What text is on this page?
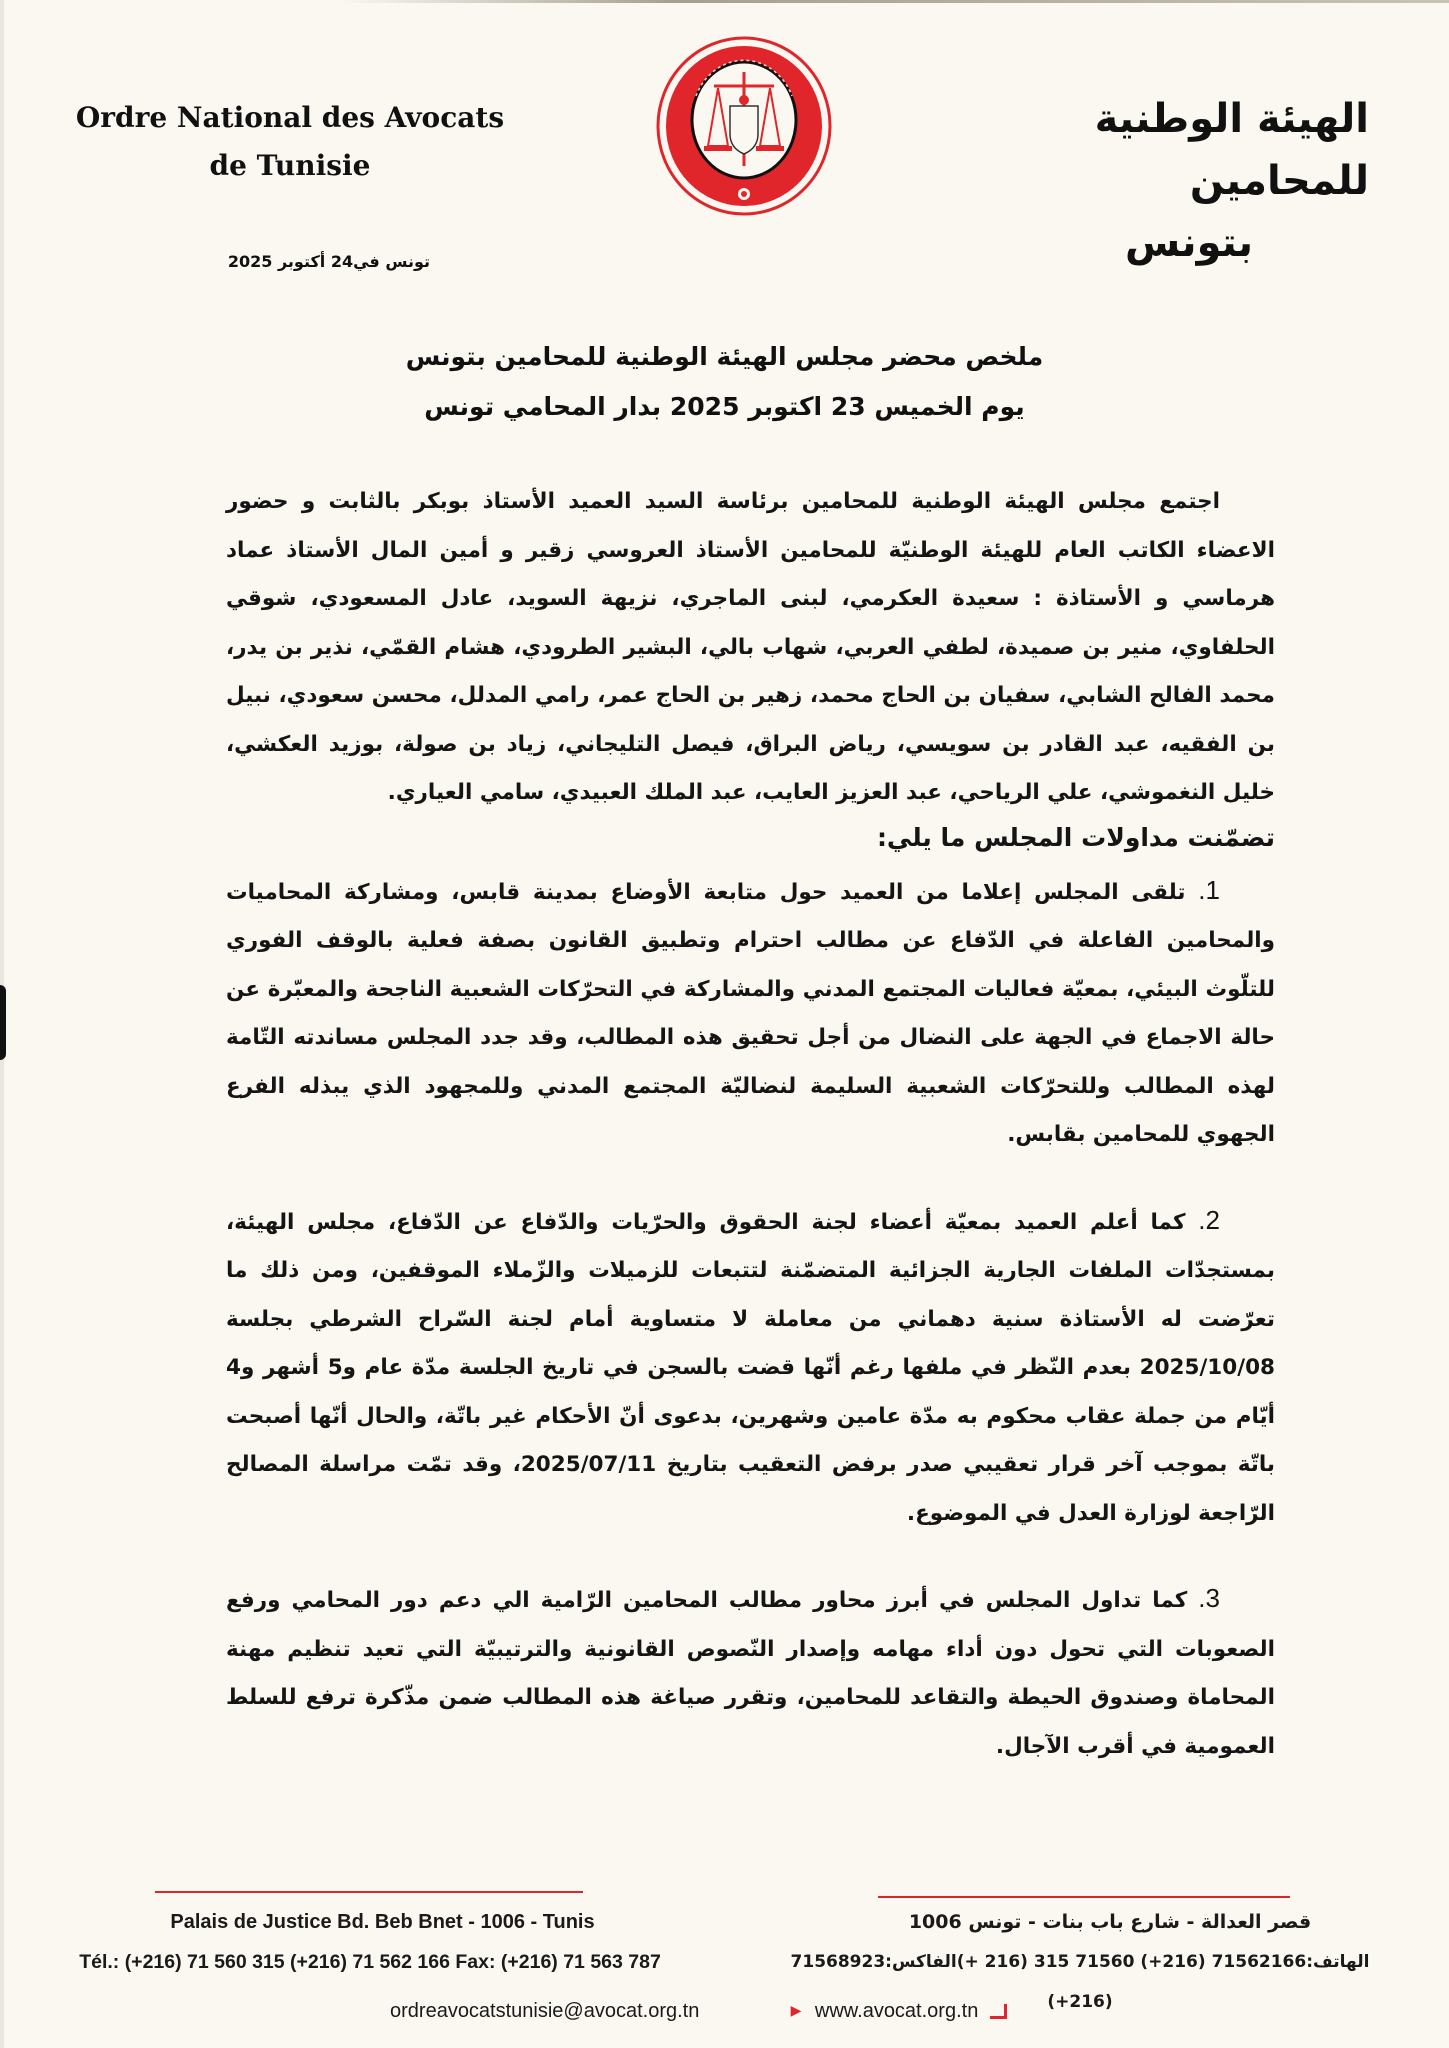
Ordre National des Avocats
de Tunisie
الهيئة الوطنية للمحامين
بتونس
تونس في24 أكتوبر 2025
ملخص محضر مجلس الهيئة الوطنية للمحامين بتونس
يوم الخميس 23 اكتوبر 2025 بدار المحامي تونس

اجتمع مجلس الهيئة الوطنية للمحامين برئاسة السيد العميد الأستاذ بوبكر بالثابت و حضور الاعضاء الكاتب العام للهيئة الوطنيّة للمحامين الأستاذ العروسي زقير و أمين المال الأستاذ عماد هرماسي و الأستاذة : سعيدة العكرمي، لبنى الماجري، نزيهة السويد، عادل المسعودي، شوقي الحلفاوي، منير بن صميدة، لطفي العربي، شهاب بالي، البشير الطرودي، هشام القمّي، نذير بن يدر، محمد الفالح الشابي، سفيان بن الحاج محمد، زهير بن الحاج عمر، رامي المدلل، محسن سعودي، نبيل بن الفقيه، عبد القادر بن سويسي، رياض البراق، فيصل التليجاني، زياد بن صولة، بوزيد العكشي، خليل النغموشي، علي الرياحي، عبد العزيز العايب، عبد الملك العبيدي، سامي العياري.

تضمّنت مداولات المجلس ما يلي:

1. تلقى المجلس إعلاما من العميد حول متابعة الأوضاع بمدينة قابس، ومشاركة المحاميات والمحامين الفاعلة في الدّفاع عن مطالب احترام وتطبيق القانون بصفة فعلية بالوقف الفوري للتلّوث البيئي، بمعيّة فعاليات المجتمع المدني والمشاركة في التحرّكات الشعبية الناجحة والمعبّرة عن حالة الاجماع في الجهة على النضال من أجل تحقيق هذه المطالب، وقد جدد المجلس مساندته التّامة لهذه المطالب وللتحرّكات الشعبية السليمة لنضاليّة المجتمع المدني وللمجهود الذي يبذله الفرع الجهوي للمحامين بقابس.

2. كما أعلم العميد بمعيّة أعضاء لجنة الحقوق والحرّيات والدّفاع عن الدّفاع، مجلس الهيئة، بمستجدّات الملفات الجارية الجزائية المتضمّنة لتتبعات للزميلات والزّملاء الموقفين، ومن ذلك ما تعرّضت له الأستاذة سنية دهماني من معاملة لا متساوية أمام لجنة السّراح الشرطي بجلسة 2025/10/08 بعدم النّظر في ملفها رغم أنّها قضت بالسجن في تاريخ الجلسة مدّة عام و5 أشهر و4 أيّام من جملة عقاب محكوم به مدّة عامين وشهرين، بدعوى أنّ الأحكام غير باتّة، والحال أنّها أصبحت باتّة بموجب آخر قرار تعقيبي صدر برفض التعقيب بتاريخ 2025/07/11، وقد تمّت مراسلة المصالح الرّاجعة لوزارة العدل في الموضوع.

3. كما تداول المجلس في أبرز محاور مطالب المحامين الرّامية الي دعم دور المحامي ورفع الصعوبات التي تحول دون أداء مهامه وإصدار النّصوص القانونية والترتيبيّة التي تعيد تنظيم مهنة المحاماة وصندوق الحيطة والتقاعد للمحامين، وتقرر صياغة هذه المطالب ضمن مذّكرة ترفع للسلط العمومية في أقرب الآجال.

Palais de Justice Bd. Beb Bnet - 1006 - Tunis
Tél.: (+216) 71 560 315 (+216) 71 562 166 Fax: (+216) 71 563 787
قصر العدالة - شارع باب بنات - تونس 1006
الهاتف:71562166 (216+) 71560 315 (216 +)الفاكس:71568923 (216+)
ordreavocatstunisie@avocat.org.tn	▶ www.avocat.org.tn
